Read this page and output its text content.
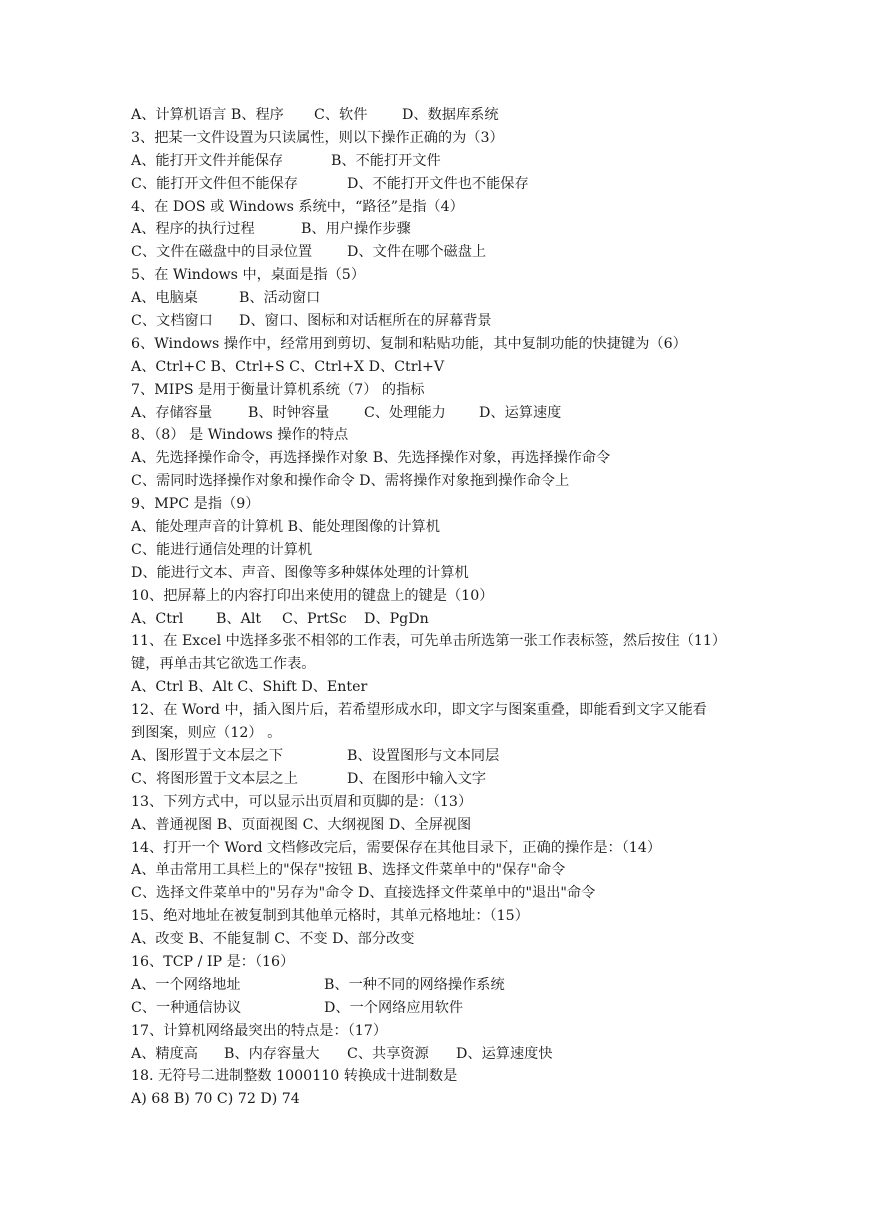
A、计算机语言 B、程序 C、软件 D、数据库系统
3、把某一文件设置为只读属性，则以下操作正确的为（3）
A、能打开文件并能保存	B、不能打开文件
C、能打开文件但不能保存	D、不能打开文件也不能保存
4、在 DOS 或 Windows 系统中，“路径”是指（4）
A、程序的执行过程	B、用户操作步骤
C、文件在磁盘中的目录位置 D、文件在哪个磁盘上
5、在 Windows 中，桌面是指（5）
A、电脑桌	B、活动窗口
C、文档窗口 D、窗口、图标和对话框所在的屏幕背景
6、Windows 操作中，经常用到剪切、复制和粘贴功能，其中复制功能的快捷键为（6）
A、Ctrl+C B、Ctrl+S C、Ctrl+X D、Ctrl+V
7、MIPS 是用于衡量计算机系统（7） 的指标
A、存储容量	B、时钟容量 C、处理能力 D、运算速度
8、（8） 是 Windows 操作的特点
A、先选择操作命令，再选择操作对象 B、先选择操作对象，再选择操作命令
C、需同时选择操作对象和操作命令 D、需将操作对象拖到操作命令上
9、MPC 是指（9）
A、能处理声音的计算机 B、能处理图像的计算机
C、能进行通信处理的计算机
D、能进行文本、声音、图像等多种媒体处理的计算机
10、把屏幕上的内容打印出来使用的键盘上的键是（10）
A、Ctrl B、Alt C、PrtSc D、PgDn
11、在 Excel 中选择多张不相邻的工作表，可先单击所选第一张工作表标签，然后按住（11）
键，再单击其它欲选工作表。
A、Ctrl B、Alt C、Shift D、Enter
12、在 Word 中，插入图片后，若希望形成水印，即文字与图案重叠，即能看到文字又能看
到图案，则应（12） 。
A、图形置于文本层之下	B、设置图形与文本同层
C、将图形置于文本层之上	D、在图形中输入文字
13、下列方式中，可以显示出页眉和页脚的是：（13）
A、普通视图 B、页面视图 C、大纲视图 D、全屏视图
14、打开一个 Word 文档修改完后，需要保存在其他目录下，正确的操作是：（14）
A、单击常用工具栏上的"保存"按钮 B、选择文件菜单中的"保存"命令
C、选择文件菜单中的"另存为"命令 D、直接选择文件菜单中的"退出"命令
15、绝对地址在被复制到其他单元格时，其单元格地址：（15）
A、改变 B、不能复制 C、不变 D、部分改变
16、TCP / IP 是：（16）
A、一个网络地址	B、一种不同的网络操作系统
C、一种通信协议	D、一个网络应用软件
17、计算机网络最突出的特点是：（17）
A、精度高 B、内存容量大 C、共享资源 D、运算速度快
18. 无符号二进制整数 1000110 转换成十进制数是
A) 68 B) 70 C) 72 D) 74
